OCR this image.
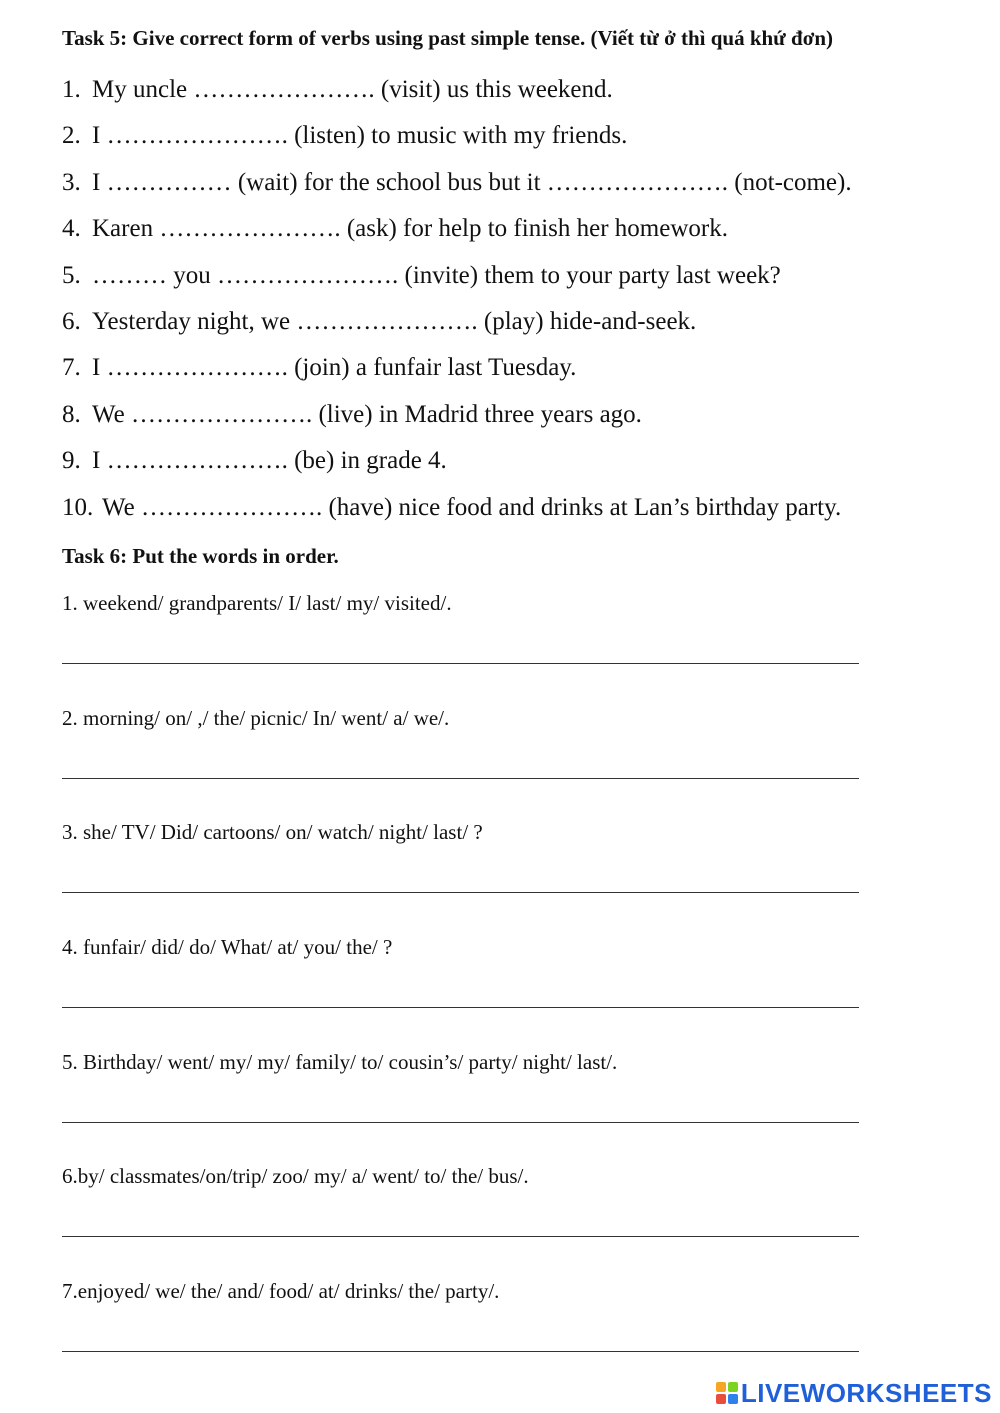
Task 5: Give correct form of verbs using past simple tense. (Viết từ ở thì quá khứ đơn)
1. My uncle …………………. (visit) us this weekend.
2. I …………………. (listen) to music with my friends.
3. I …………… (wait) for the school bus but it …………………. (not-come).
4. Karen …………………. (ask) for help to finish her homework.
5. ……… you …………………. (invite) them to your party last week?
6. Yesterday night, we …………………. (play) hide-and-seek.
7. I …………………. (join) a funfair last Tuesday.
8. We …………………. (live) in Madrid three years ago.
9. I …………………. (be) in grade 4.
10. We …………………. (have) nice food and drinks at Lan’s birthday party.
Task 6: Put the words in order.
1. weekend/ grandparents/ I/ last/ my/ visited/.
2. morning/ on/ ,/ the/ picnic/ In/ went/ a/ we/.
3. she/ TV/ Did/ cartoons/ on/ watch/ night/ last/ ?
4. funfair/ did/ do/ What/ at/ you/ the/ ?
5. Birthday/ went/ my/ my/ family/ to/ cousin’s/ party/ night/ last/.
6.by/ classmates/on/trip/ zoo/ my/ a/ went/ to/ the/ bus/.
7.enjoyed/ we/ the/ and/ food/ at/ drinks/ the/ party/.
LIVEWORKSHEETS
